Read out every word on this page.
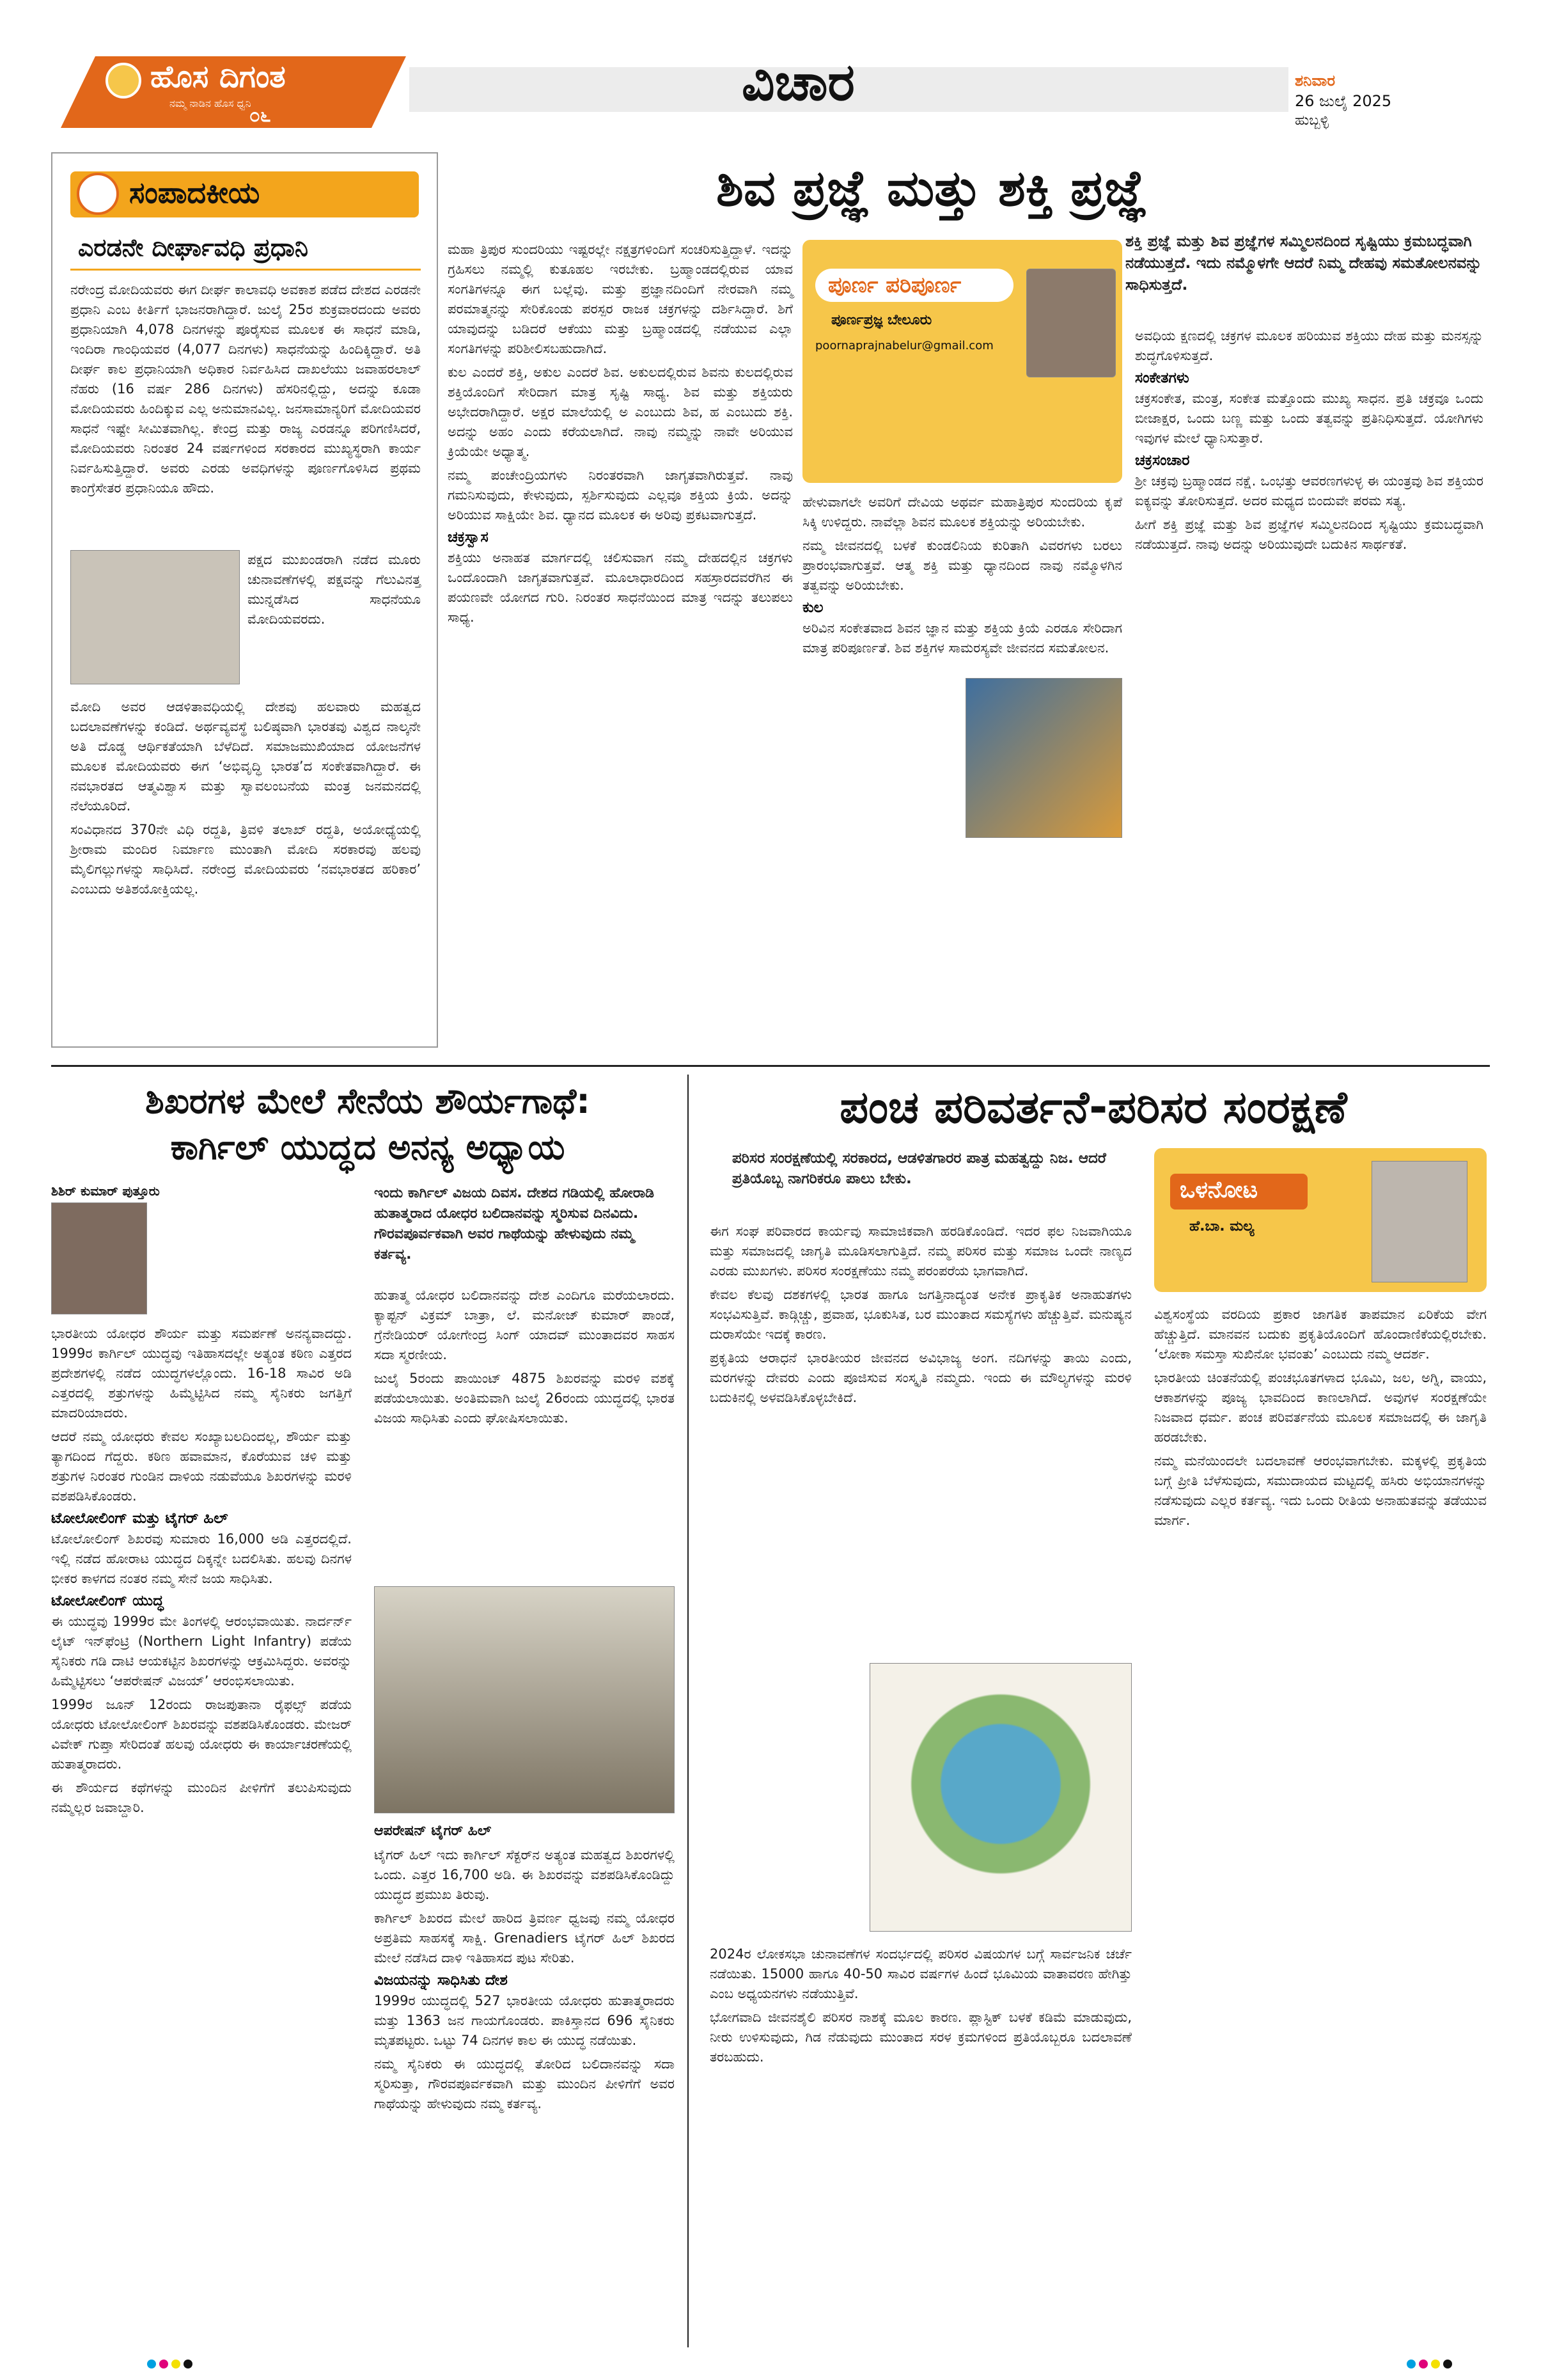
ಹೊಸ ದಿಗಂತ
ನಮ್ಮ ನಾಡಿನ ಹೊಸ ಧ್ವನಿ
೦೬
ವಿಚಾರ	ಶನಿವಾರ
26 ಜುಲೈ 2025
ಹುಬ್ಬಳ್ಳಿ
ಸಂಪಾದಕೀಯ
ಎರಡನೇ ದೀರ್ಘಾವಧಿ ಪ್ರಧಾನಿ

ನರೇಂದ್ರ ಮೋದಿಯವರು ಈಗ ದೀರ್ಘ ಕಾಲಾವಧಿ ಅವಕಾಶ ಪಡೆದ ದೇಶದ ಎರಡನೇ ಪ್ರಧಾನಿ ಎಂಬ ಕೀರ್ತಿಗೆ ಭಾಜನರಾಗಿದ್ದಾರೆ. ಜುಲೈ 25ರ ಶುಕ್ರವಾರದಂದು ಅವರು ಪ್ರಧಾನಿಯಾಗಿ 4,078 ದಿನಗಳನ್ನು ಪೂರೈಸುವ ಮೂಲಕ ಈ ಸಾಧನೆ ಮಾಡಿ, ಇಂದಿರಾ ಗಾಂಧಿಯವರ (4,077 ದಿನಗಳು) ಸಾಧನೆಯನ್ನು ಹಿಂದಿಕ್ಕಿದ್ದಾರೆ. ಅತಿ ದೀರ್ಘ ಕಾಲ ಪ್ರಧಾನಿಯಾಗಿ ಅಧಿಕಾರ ನಿರ್ವಹಿಸಿದ ದಾಖಲೆಯು ಜವಾಹರಲಾಲ್ ನೆಹರು (16 ವರ್ಷ 286 ದಿನಗಳು) ಹೆಸರಿನಲ್ಲಿದ್ದು, ಅದನ್ನು ಕೂಡಾ ಮೋದಿಯವರು ಹಿಂದಿಕ್ಕುವ ಎಲ್ಲ ಅನುಮಾನವಿಲ್ಲ. ಜನಸಾಮಾನ್ಯರಿಗೆ ಮೋದಿಯವರ ಸಾಧನೆ ಇಷ್ಟೇ ಸೀಮಿತವಾಗಿಲ್ಲ. ಕೇಂದ್ರ ಮತ್ತು ರಾಜ್ಯ ಎರಡನ್ನೂ ಪರಿಗಣಿಸಿದರೆ, ಮೋದಿಯವರು ನಿರಂತರ 24 ವರ್ಷಗಳಿಂದ ಸರಕಾರದ ಮುಖ್ಯಸ್ಥರಾಗಿ ಕಾರ್ಯ ನಿರ್ವಹಿಸುತ್ತಿದ್ದಾರೆ. ಅವರು ಎರಡು ಅವಧಿಗಳನ್ನು ಪೂರ್ಣಗೊಳಿಸಿದ ಪ್ರಥಮ ಕಾಂಗ್ರೆಸೇತರ ಪ್ರಧಾನಿಯೂ ಹೌದು.

ಪಕ್ಷದ ಮುಖಂಡರಾಗಿ ನಡೆದ ಮೂರು ಚುನಾವಣೆಗಳಲ್ಲಿ ಪಕ್ಷವನ್ನು ಗೆಲುವಿನತ್ತ ಮುನ್ನಡೆಸಿದ ಸಾಧನೆಯೂ ಮೋದಿಯವರದು.

ಮೋದಿ ಅವರ ಆಡಳಿತಾವಧಿಯಲ್ಲಿ ದೇಶವು ಹಲವಾರು ಮಹತ್ವದ ಬದಲಾವಣೆಗಳನ್ನು ಕಂಡಿದೆ. ಅರ್ಥವ್ಯವಸ್ಥೆ ಬಲಿಷ್ಠವಾಗಿ ಭಾರತವು ವಿಶ್ವದ ನಾಲ್ಕನೇ ಅತಿ ದೊಡ್ಡ ಆರ್ಥಿಕತೆಯಾಗಿ ಬೆಳೆದಿದೆ. ಸಮಾಜಮುಖಿಯಾದ ಯೋಜನೆಗಳ ಮೂಲಕ ಮೋದಿಯವರು ಈಗ ‘ಅಭಿವೃದ್ಧಿ ಭಾರತ’ದ ಸಂಕೇತವಾಗಿದ್ದಾರೆ. ಈ ನವಭಾರತದ ಆತ್ಮವಿಶ್ವಾಸ ಮತ್ತು ಸ್ವಾವಲಂಬನೆಯ ಮಂತ್ರ ಜನಮನದಲ್ಲಿ ನೆಲೆಯೂರಿದೆ.

ಸಂವಿಧಾನದ 370ನೇ ವಿಧಿ ರದ್ದತಿ, ತ್ರಿವಳಿ ತಲಾಖ್ ರದ್ದತಿ, ಅಯೋಧ್ಯೆಯಲ್ಲಿ ಶ್ರೀರಾಮ ಮಂದಿರ ನಿರ್ಮಾಣ ಮುಂತಾಗಿ ಮೋದಿ ಸರಕಾರವು ಹಲವು ಮೈಲಿಗಲ್ಲುಗಳನ್ನು ಸಾಧಿಸಿದೆ. ನರೇಂದ್ರ ಮೋದಿಯವರು ‘ನವಭಾರತದ ಹರಿಕಾರ’ ಎಂಬುದು ಅತಿಶಯೋಕ್ತಿಯಲ್ಲ.

ಶಿವ ಪ್ರಜ್ಞೆ ಮತ್ತು ಶಕ್ತಿ ಪ್ರಜ್ಞೆ
ಶಕ್ತಿ ಪ್ರಜ್ಞೆ ಮತ್ತು ಶಿವ ಪ್ರಜ್ಞೆಗಳ ಸಮ್ಮಿಲನದಿಂದ ಸೃಷ್ಟಿಯು ಕ್ರಮಬದ್ಧವಾಗಿ ನಡೆಯುತ್ತದೆ. ಇದು ನಮ್ಮೊಳಗೇ ಆದರೆ ನಿಮ್ಮ ದೇಹವು ಸಮತೋಲನವನ್ನು ಸಾಧಿಸುತ್ತದೆ.

ಮಹಾ ತ್ರಿಪುರ ಸುಂದರಿಯು ಇಷ್ಟರಲ್ಲೇ ನಕ್ಷತ್ರಗಳಿಂದಿಗೆ ಸಂಚರಿಸುತ್ತಿದ್ದಾಳೆ. ಇದನ್ನು ಗ್ರಹಿಸಲು ನಮ್ಮಲ್ಲಿ ಕುತೂಹಲ ಇರಬೇಕು. ಬ್ರಹ್ಮಾಂಡದಲ್ಲಿರುವ ಯಾವ ಸಂಗತಿಗಳನ್ನೂ ಈಗ ಬಲ್ಲೆವು. ಮತ್ತು ಪ್ರಜ್ಞಾನದಿಂದಿಗೆ ನೇರವಾಗಿ ನಮ್ಮ ಪರಮಾತ್ಮನನ್ನು ಸೇರಿಕೊಂಡು ಪರಸ್ಪರ ರಾಜಕ ಚಕ್ರಗಳನ್ನು ದರ್ಶಿಸಿದ್ದಾರೆ. ಶಿಗೆ ಯಾವುದನ್ನು ಬಡಿದರೆ ಆಕೆಯು ಮತ್ತು ಬ್ರಹ್ಮಾಂಡದಲ್ಲಿ ನಡೆಯುವ ಎಲ್ಲಾ ಸಂಗತಿಗಳನ್ನು ಪರಿಶೀಲಿಸಬಹುದಾಗಿದೆ.

ಕುಲ ಎಂದರೆ ಶಕ್ತಿ, ಅಕುಲ ಎಂದರೆ ಶಿವ. ಅಕುಲದಲ್ಲಿರುವ ಶಿವನು ಕುಲದಲ್ಲಿರುವ ಶಕ್ತಿಯೊಂದಿಗೆ ಸೇರಿದಾಗ ಮಾತ್ರ ಸೃಷ್ಟಿ ಸಾಧ್ಯ. ಶಿವ ಮತ್ತು ಶಕ್ತಿಯರು ಅಭೇದರಾಗಿದ್ದಾರೆ. ಅಕ್ಷರ ಮಾಲೆಯಲ್ಲಿ ಅ ಎಂಬುದು ಶಿವ, ಹ ಎಂಬುದು ಶಕ್ತಿ. ಅದನ್ನು ಅಹಂ ಎಂದು ಕರೆಯಲಾಗಿದೆ. ನಾವು ನಮ್ಮನ್ನು ನಾವೇ ಅರಿಯುವ ಕ್ರಿಯೆಯೇ ಅಧ್ಯಾತ್ಮ.

ನಮ್ಮ ಪಂಚೇಂದ್ರಿಯಗಳು ನಿರಂತರವಾಗಿ ಜಾಗೃತವಾಗಿರುತ್ತವೆ. ನಾವು ಗಮನಿಸುವುದು, ಕೇಳುವುದು, ಸ್ಪರ್ಶಿಸುವುದು ಎಲ್ಲವೂ ಶಕ್ತಿಯ ಕ್ರಿಯೆ. ಅದನ್ನು ಅರಿಯುವ ಸಾಕ್ಷಿಯೇ ಶಿವ. ಧ್ಯಾನದ ಮೂಲಕ ಈ ಅರಿವು ಪ್ರಕಟವಾಗುತ್ತದೆ.

ಚಕ್ರಸ್ವಾಸ

ಶಕ್ತಿಯು ಅನಾಹತ ಮಾರ್ಗದಲ್ಲಿ ಚಲಿಸುವಾಗ ನಮ್ಮ ದೇಹದಲ್ಲಿನ ಚಕ್ರಗಳು ಒಂದೊಂದಾಗಿ ಜಾಗೃತವಾಗುತ್ತವೆ. ಮೂಲಾಧಾರದಿಂದ ಸಹಸ್ರಾರದವರೆಗಿನ ಈ ಪಯಣವೇ ಯೋಗದ ಗುರಿ. ನಿರಂತರ ಸಾಧನೆಯಿಂದ ಮಾತ್ರ ಇದನ್ನು ತಲುಪಲು ಸಾಧ್ಯ.

ಪೂರ್ಣ ಪರಿಪೂರ್ಣ
ಪೂರ್ಣಪ್ರಜ್ಞ ಬೇಲೂರು
poornaprajnabelur@gmail.com

ಹೇಳುವಾಗಲೇ ಅವರಿಗೆ ದೇವಿಯ ಅಥರ್ವ ಮಹಾತ್ರಿಪುರ ಸುಂದರಿಯ ಕೃಪೆ ಸಿಕ್ಕಿ ಉಳಿದ್ದರು. ನಾವೆಲ್ಲಾ ಶಿವನ ಮೂಲಕ ಶಕ್ತಿಯನ್ನು ಅರಿಯಬೇಕು.

ನಮ್ಮ ಜೀವನದಲ್ಲಿ ಬಳಕೆ ಕುಂಡಲಿನಿಯ ಕುರಿತಾಗಿ ವಿವರಗಳು ಬರಲು ಪ್ರಾರಂಭವಾಗುತ್ತವೆ. ಆತ್ಮ ಶಕ್ತಿ ಮತ್ತು ಧ್ಯಾನದಿಂದ ನಾವು ನಮ್ಮೊಳಗಿನ ತತ್ವವನ್ನು ಅರಿಯಬೇಕು.

ಕುಲ

ಅರಿವಿನ ಸಂಕೇತವಾದ ಶಿವನ ಜ್ಞಾನ ಮತ್ತು ಶಕ್ತಿಯ ಕ್ರಿಯೆ ಎರಡೂ ಸೇರಿದಾಗ ಮಾತ್ರ ಪರಿಪೂರ್ಣತೆ. ಶಿವ ಶಕ್ತಿಗಳ ಸಾಮರಸ್ಯವೇ ಜೀವನದ ಸಮತೋಲನ.

ಅವಧಿಯ ಕ್ಷಣದಲ್ಲಿ ಚಕ್ರಗಳ ಮೂಲಕ ಹರಿಯುವ ಶಕ್ತಿಯು ದೇಹ ಮತ್ತು ಮನಸ್ಸನ್ನು ಶುದ್ಧಗೊಳಿಸುತ್ತದೆ.

ಸಂಕೇತಗಳು

ಚಕ್ರಸಂಕೇತ, ಮಂತ್ರ, ಸಂಕೇತ ಮತ್ತೊಂದು ಮುಖ್ಯ ಸಾಧನ. ಪ್ರತಿ ಚಕ್ರವೂ ಒಂದು ಬೀಜಾಕ್ಷರ, ಒಂದು ಬಣ್ಣ ಮತ್ತು ಒಂದು ತತ್ವವನ್ನು ಪ್ರತಿನಿಧಿಸುತ್ತದೆ. ಯೋಗಿಗಳು ಇವುಗಳ ಮೇಲೆ ಧ್ಯಾನಿಸುತ್ತಾರೆ.

ಚಕ್ರಸಂಚಾರ

ಶ್ರೀ ಚಕ್ರವು ಬ್ರಹ್ಮಾಂಡದ ನಕ್ಷೆ. ಒಂಭತ್ತು ಆವರಣಗಳುಳ್ಳ ಈ ಯಂತ್ರವು ಶಿವ ಶಕ್ತಿಯರ ಐಕ್ಯವನ್ನು ತೋರಿಸುತ್ತದೆ. ಅದರ ಮಧ್ಯದ ಬಿಂದುವೇ ಪರಮ ಸತ್ಯ.

ಹೀಗೆ ಶಕ್ತಿ ಪ್ರಜ್ಞೆ ಮತ್ತು ಶಿವ ಪ್ರಜ್ಞೆಗಳ ಸಮ್ಮಿಲನದಿಂದ ಸೃಷ್ಟಿಯು ಕ್ರಮಬದ್ಧವಾಗಿ ನಡೆಯುತ್ತದೆ. ನಾವು ಅದನ್ನು ಅರಿಯುವುದೇ ಬದುಕಿನ ಸಾರ್ಥಕತೆ.

ಶಿಖರಗಳ ಮೇಲೆ ಸೇನೆಯ ಶೌರ್ಯಗಾಥೆ:
ಕಾರ್ಗಿಲ್ ಯುದ್ಧದ ಅನನ್ಯ ಅಧ್ಯಾಯ
ಶಿಶಿರ್ ಕುಮಾರ್ ಪುತ್ತೂರು	ಇಂದು ಕಾರ್ಗಿಲ್ ವಿಜಯ ದಿವಸ. ದೇಶದ ಗಡಿಯಲ್ಲಿ ಹೋರಾಡಿ ಹುತಾತ್ಮರಾದ ಯೋಧರ ಬಲಿದಾನವನ್ನು ಸ್ಮರಿಸುವ ದಿನವಿದು. ಗೌರವಪೂರ್ವಕವಾಗಿ ಅವರ ಗಾಥೆಯನ್ನು ಹೇಳುವುದು ನಮ್ಮ ಕರ್ತವ್ಯ.

ಭಾರತೀಯ ಯೋಧರ ಶೌರ್ಯ ಮತ್ತು ಸಮರ್ಪಣೆ ಅನನ್ಯವಾದದ್ದು. 1999ರ ಕಾರ್ಗಿಲ್ ಯುದ್ಧವು ಇತಿಹಾಸದಲ್ಲೇ ಅತ್ಯಂತ ಕಠಿಣ ಎತ್ತರದ ಪ್ರದೇಶಗಳಲ್ಲಿ ನಡೆದ ಯುದ್ಧಗಳಲ್ಲೊಂದು. 16-18 ಸಾವಿರ ಅಡಿ ಎತ್ತರದಲ್ಲಿ ಶತ್ರುಗಳನ್ನು ಹಿಮ್ಮೆಟ್ಟಿಸಿದ ನಮ್ಮ ಸೈನಿಕರು ಜಗತ್ತಿಗೆ ಮಾದರಿಯಾದರು.

ಆದರೆ ನಮ್ಮ ಯೋಧರು ಕೇವಲ ಸಂಖ್ಯಾಬಲದಿಂದಲ್ಲ, ಶೌರ್ಯ ಮತ್ತು ತ್ಯಾಗದಿಂದ ಗೆದ್ದರು. ಕಠಿಣ ಹವಾಮಾನ, ಕೊರೆಯುವ ಚಳಿ ಮತ್ತು ಶತ್ರುಗಳ ನಿರಂತರ ಗುಂಡಿನ ದಾಳಿಯ ನಡುವೆಯೂ ಶಿಖರಗಳನ್ನು ಮರಳಿ ವಶಪಡಿಸಿಕೊಂಡರು.

ಟೋಲೋಲಿಂಗ್ ಮತ್ತು ಟೈಗರ್ ಹಿಲ್

ಟೋಲೋಲಿಂಗ್ ಶಿಖರವು ಸುಮಾರು 16,000 ಅಡಿ ಎತ್ತರದಲ್ಲಿದೆ. ಇಲ್ಲಿ ನಡೆದ ಹೋರಾಟ ಯುದ್ಧದ ದಿಕ್ಕನ್ನೇ ಬದಲಿಸಿತು. ಹಲವು ದಿನಗಳ ಭೀಕರ ಕಾಳಗದ ನಂತರ ನಮ್ಮ ಸೇನೆ ಜಯ ಸಾಧಿಸಿತು.

ಟೋಲೋಲಿಂಗ್ ಯುದ್ಧ

ಈ ಯುದ್ಧವು 1999ರ ಮೇ ತಿಂಗಳಲ್ಲಿ ಆರಂಭವಾಯಿತು. ನಾರ್ದರ್ನ್ ಲೈಟ್ ಇನ್‌ಫೆಂಟ್ರಿ (Northern Light Infantry) ಪಡೆಯ ಸೈನಿಕರು ಗಡಿ ದಾಟಿ ಆಯಕಟ್ಟಿನ ಶಿಖರಗಳನ್ನು ಆಕ್ರಮಿಸಿದ್ದರು. ಅವರನ್ನು ಹಿಮ್ಮೆಟ್ಟಿಸಲು ‘ಆಪರೇಷನ್ ವಿಜಯ್’ ಆರಂಭಿಸಲಾಯಿತು.

1999ರ ಜೂನ್ 12ರಂದು ರಾಜಪುತಾನಾ ರೈಫಲ್ಸ್ ಪಡೆಯ ಯೋಧರು ಟೋಲೋಲಿಂಗ್ ಶಿಖರವನ್ನು ವಶಪಡಿಸಿಕೊಂಡರು. ಮೇಜರ್ ವಿವೇಕ್ ಗುಪ್ತಾ ಸೇರಿದಂತೆ ಹಲವು ಯೋಧರು ಈ ಕಾರ್ಯಾಚರಣೆಯಲ್ಲಿ ಹುತಾತ್ಮರಾದರು.

ಈ ಶೌರ್ಯದ ಕಥೆಗಳನ್ನು ಮುಂದಿನ ಪೀಳಿಗೆಗೆ ತಲುಪಿಸುವುದು ನಮ್ಮೆಲ್ಲರ ಜವಾಬ್ದಾರಿ.

ಹುತಾತ್ಮ ಯೋಧರ ಬಲಿದಾನವನ್ನು ದೇಶ ಎಂದಿಗೂ ಮರೆಯಲಾರದು. ಕ್ಯಾಪ್ಟನ್ ವಿಕ್ರಮ್ ಬಾತ್ರಾ, ಲೆ. ಮನೋಜ್ ಕುಮಾರ್ ಪಾಂಡೆ, ಗ್ರೆನೇಡಿಯರ್ ಯೋಗೇಂದ್ರ ಸಿಂಗ್ ಯಾದವ್ ಮುಂತಾದವರ ಸಾಹಸ ಸದಾ ಸ್ಮರಣೀಯ.

ಜುಲೈ 5ರಂದು ಪಾಯಿಂಟ್ 4875 ಶಿಖರವನ್ನು ಮರಳಿ ವಶಕ್ಕೆ ಪಡೆಯಲಾಯಿತು. ಅಂತಿಮವಾಗಿ ಜುಲೈ 26ರಂದು ಯುದ್ಧದಲ್ಲಿ ಭಾರತ ವಿಜಯ ಸಾಧಿಸಿತು ಎಂದು ಘೋಷಿಸಲಾಯಿತು.

ಆಪರೇಷನ್ ಟೈಗರ್ ಹಿಲ್

ಟೈಗರ್ ಹಿಲ್ ಇದು ಕಾರ್ಗಿಲ್ ಸೆಕ್ಟರ್‌ನ ಅತ್ಯಂತ ಮಹತ್ವದ ಶಿಖರಗಳಲ್ಲಿ ಒಂದು. ಎತ್ತರ 16,700 ಅಡಿ. ಈ ಶಿಖರವನ್ನು ವಶಪಡಿಸಿಕೊಂಡಿದ್ದು ಯುದ್ಧದ ಪ್ರಮುಖ ತಿರುವು.

ಕಾರ್ಗಿಲ್ ಶಿಖರದ ಮೇಲೆ ಹಾರಿದ ತ್ರಿವರ್ಣ ಧ್ವಜವು ನಮ್ಮ ಯೋಧರ ಅಪ್ರತಿಮ ಸಾಹಸಕ್ಕೆ ಸಾಕ್ಷಿ. Grenadiers ಟೈಗರ್ ಹಿಲ್ ಶಿಖರದ ಮೇಲೆ ನಡೆಸಿದ ದಾಳಿ ಇತಿಹಾಸದ ಪುಟ ಸೇರಿತು.

ವಿಜಯನನ್ನು ಸಾಧಿಸಿತು ದೇಶ

1999ರ ಯುದ್ಧದಲ್ಲಿ 527 ಭಾರತೀಯ ಯೋಧರು ಹುತಾತ್ಮರಾದರು ಮತ್ತು 1363 ಜನ ಗಾಯಗೊಂಡರು. ಪಾಕಿಸ್ತಾನದ 696 ಸೈನಿಕರು ಮೃತಪಟ್ಟರು. ಒಟ್ಟು 74 ದಿನಗಳ ಕಾಲ ಈ ಯುದ್ಧ ನಡೆಯಿತು.

ನಮ್ಮ ಸೈನಿಕರು ಈ ಯುದ್ಧದಲ್ಲಿ ತೋರಿದ ಬಲಿದಾನವನ್ನು ಸದಾ ಸ್ಮರಿಸುತ್ತಾ, ಗೌರವಪೂರ್ವಕವಾಗಿ ಮತ್ತು ಮುಂದಿನ ಪೀಳಿಗೆಗೆ ಅವರ ಗಾಥೆಯನ್ನು ಹೇಳುವುದು ನಮ್ಮ ಕರ್ತವ್ಯ.

ಪಂಚ ಪರಿವರ್ತನೆ-ಪರಿಸರ ಸಂರಕ್ಷಣೆ
ಪರಿಸರ ಸಂರಕ್ಷಣೆಯಲ್ಲಿ ಸರಕಾರದ, ಆಡಳಿತಗಾರರ ಪಾತ್ರ ಮಹತ್ವದ್ದು ನಿಜ. ಆದರೆ ಪ್ರತಿಯೊಬ್ಬ ನಾಗರಿಕರೂ ಪಾಲು ಬೇಕು.	ಒಳನೋಟ
ಹೆ.ಬಾ. ಮಲ್ಯ

ಈಗ ಸಂಘ ಪರಿವಾರದ ಕಾರ್ಯವು ಸಾಮಾಜಿಕವಾಗಿ ಹರಡಿಕೊಂಡಿದೆ. ಇದರ ಫಲ ನಿಜವಾಗಿಯೂ ಮತ್ತು ಸಮಾಜದಲ್ಲಿ ಜಾಗೃತಿ ಮೂಡಿಸಲಾಗುತ್ತಿದೆ. ನಮ್ಮ ಪರಿಸರ ಮತ್ತು ಸಮಾಜ ಒಂದೇ ನಾಣ್ಯದ ಎರಡು ಮುಖಗಳು. ಪರಿಸರ ಸಂರಕ್ಷಣೆಯು ನಮ್ಮ ಪರಂಪರೆಯ ಭಾಗವಾಗಿದೆ.

ಕೇವಲ ಕೆಲವು ದಶಕಗಳಲ್ಲಿ ಭಾರತ ಹಾಗೂ ಜಗತ್ತಿನಾದ್ಯಂತ ಅನೇಕ ಪ್ರಾಕೃತಿಕ ಅನಾಹುತಗಳು ಸಂಭವಿಸುತ್ತಿವೆ. ಕಾಡ್ಗಿಚ್ಚು, ಪ್ರವಾಹ, ಭೂಕುಸಿತ, ಬರ ಮುಂತಾದ ಸಮಸ್ಯೆಗಳು ಹೆಚ್ಚುತ್ತಿವೆ. ಮನುಷ್ಯನ ದುರಾಸೆಯೇ ಇದಕ್ಕೆ ಕಾರಣ.

ಪ್ರಕೃತಿಯ ಆರಾಧನೆ ಭಾರತೀಯರ ಜೀವನದ ಅವಿಭಾಜ್ಯ ಅಂಗ. ನದಿಗಳನ್ನು ತಾಯಿ ಎಂದು, ಮರಗಳನ್ನು ದೇವರು ಎಂದು ಪೂಜಿಸುವ ಸಂಸ್ಕೃತಿ ನಮ್ಮದು. ಇಂದು ಈ ಮೌಲ್ಯಗಳನ್ನು ಮರಳಿ ಬದುಕಿನಲ್ಲಿ ಅಳವಡಿಸಿಕೊಳ್ಳಬೇಕಿದೆ.

2024ರ ಲೋಕಸಭಾ ಚುನಾವಣೆಗಳ ಸಂದರ್ಭದಲ್ಲಿ ಪರಿಸರ ವಿಷಯಗಳ ಬಗ್ಗೆ ಸಾರ್ವಜನಿಕ ಚರ್ಚೆ ನಡೆಯಿತು. 15000 ಹಾಗೂ 40-50 ಸಾವಿರ ವರ್ಷಗಳ ಹಿಂದೆ ಭೂಮಿಯ ವಾತಾವರಣ ಹೇಗಿತ್ತು ಎಂಬ ಅಧ್ಯಯನಗಳು ನಡೆಯುತ್ತಿವೆ.

ಭೋಗವಾದಿ ಜೀವನಶೈಲಿ ಪರಿಸರ ನಾಶಕ್ಕೆ ಮೂಲ ಕಾರಣ. ಪ್ಲಾಸ್ಟಿಕ್ ಬಳಕೆ ಕಡಿಮೆ ಮಾಡುವುದು, ನೀರು ಉಳಿಸುವುದು, ಗಿಡ ನೆಡುವುದು ಮುಂತಾದ ಸರಳ ಕ್ರಮಗಳಿಂದ ಪ್ರತಿಯೊಬ್ಬರೂ ಬದಲಾವಣೆ ತರಬಹುದು.

ವಿಶ್ವಸಂಸ್ಥೆಯ ವರದಿಯ ಪ್ರಕಾರ ಜಾಗತಿಕ ತಾಪಮಾನ ಏರಿಕೆಯ ವೇಗ ಹೆಚ್ಚುತ್ತಿದೆ. ಮಾನವನ ಬದುಕು ಪ್ರಕೃತಿಯೊಂದಿಗೆ ಹೊಂದಾಣಿಕೆಯಲ್ಲಿರಬೇಕು. ‘ಲೋಕಾ ಸಮಸ್ತಾ ಸುಖಿನೋ ಭವಂತು’ ಎಂಬುದು ನಮ್ಮ ಆದರ್ಶ.

ಭಾರತೀಯ ಚಿಂತನೆಯಲ್ಲಿ ಪಂಚಭೂತಗಳಾದ ಭೂಮಿ, ಜಲ, ಅಗ್ನಿ, ವಾಯು, ಆಕಾಶಗಳನ್ನು ಪೂಜ್ಯ ಭಾವದಿಂದ ಕಾಣಲಾಗಿದೆ. ಅವುಗಳ ಸಂರಕ್ಷಣೆಯೇ ನಿಜವಾದ ಧರ್ಮ. ಪಂಚ ಪರಿವರ್ತನೆಯ ಮೂಲಕ ಸಮಾಜದಲ್ಲಿ ಈ ಜಾಗೃತಿ ಹರಡಬೇಕು.

ನಮ್ಮ ಮನೆಯಿಂದಲೇ ಬದಲಾವಣೆ ಆರಂಭವಾಗಬೇಕು. ಮಕ್ಕಳಲ್ಲಿ ಪ್ರಕೃತಿಯ ಬಗ್ಗೆ ಪ್ರೀತಿ ಬೆಳೆಸುವುದು, ಸಮುದಾಯದ ಮಟ್ಟದಲ್ಲಿ ಹಸಿರು ಅಭಿಯಾನಗಳನ್ನು ನಡೆಸುವುದು ಎಲ್ಲರ ಕರ್ತವ್ಯ. ಇದು ಒಂದು ರೀತಿಯ ಅನಾಹುತವನ್ನು ತಡೆಯುವ ಮಾರ್ಗ.
